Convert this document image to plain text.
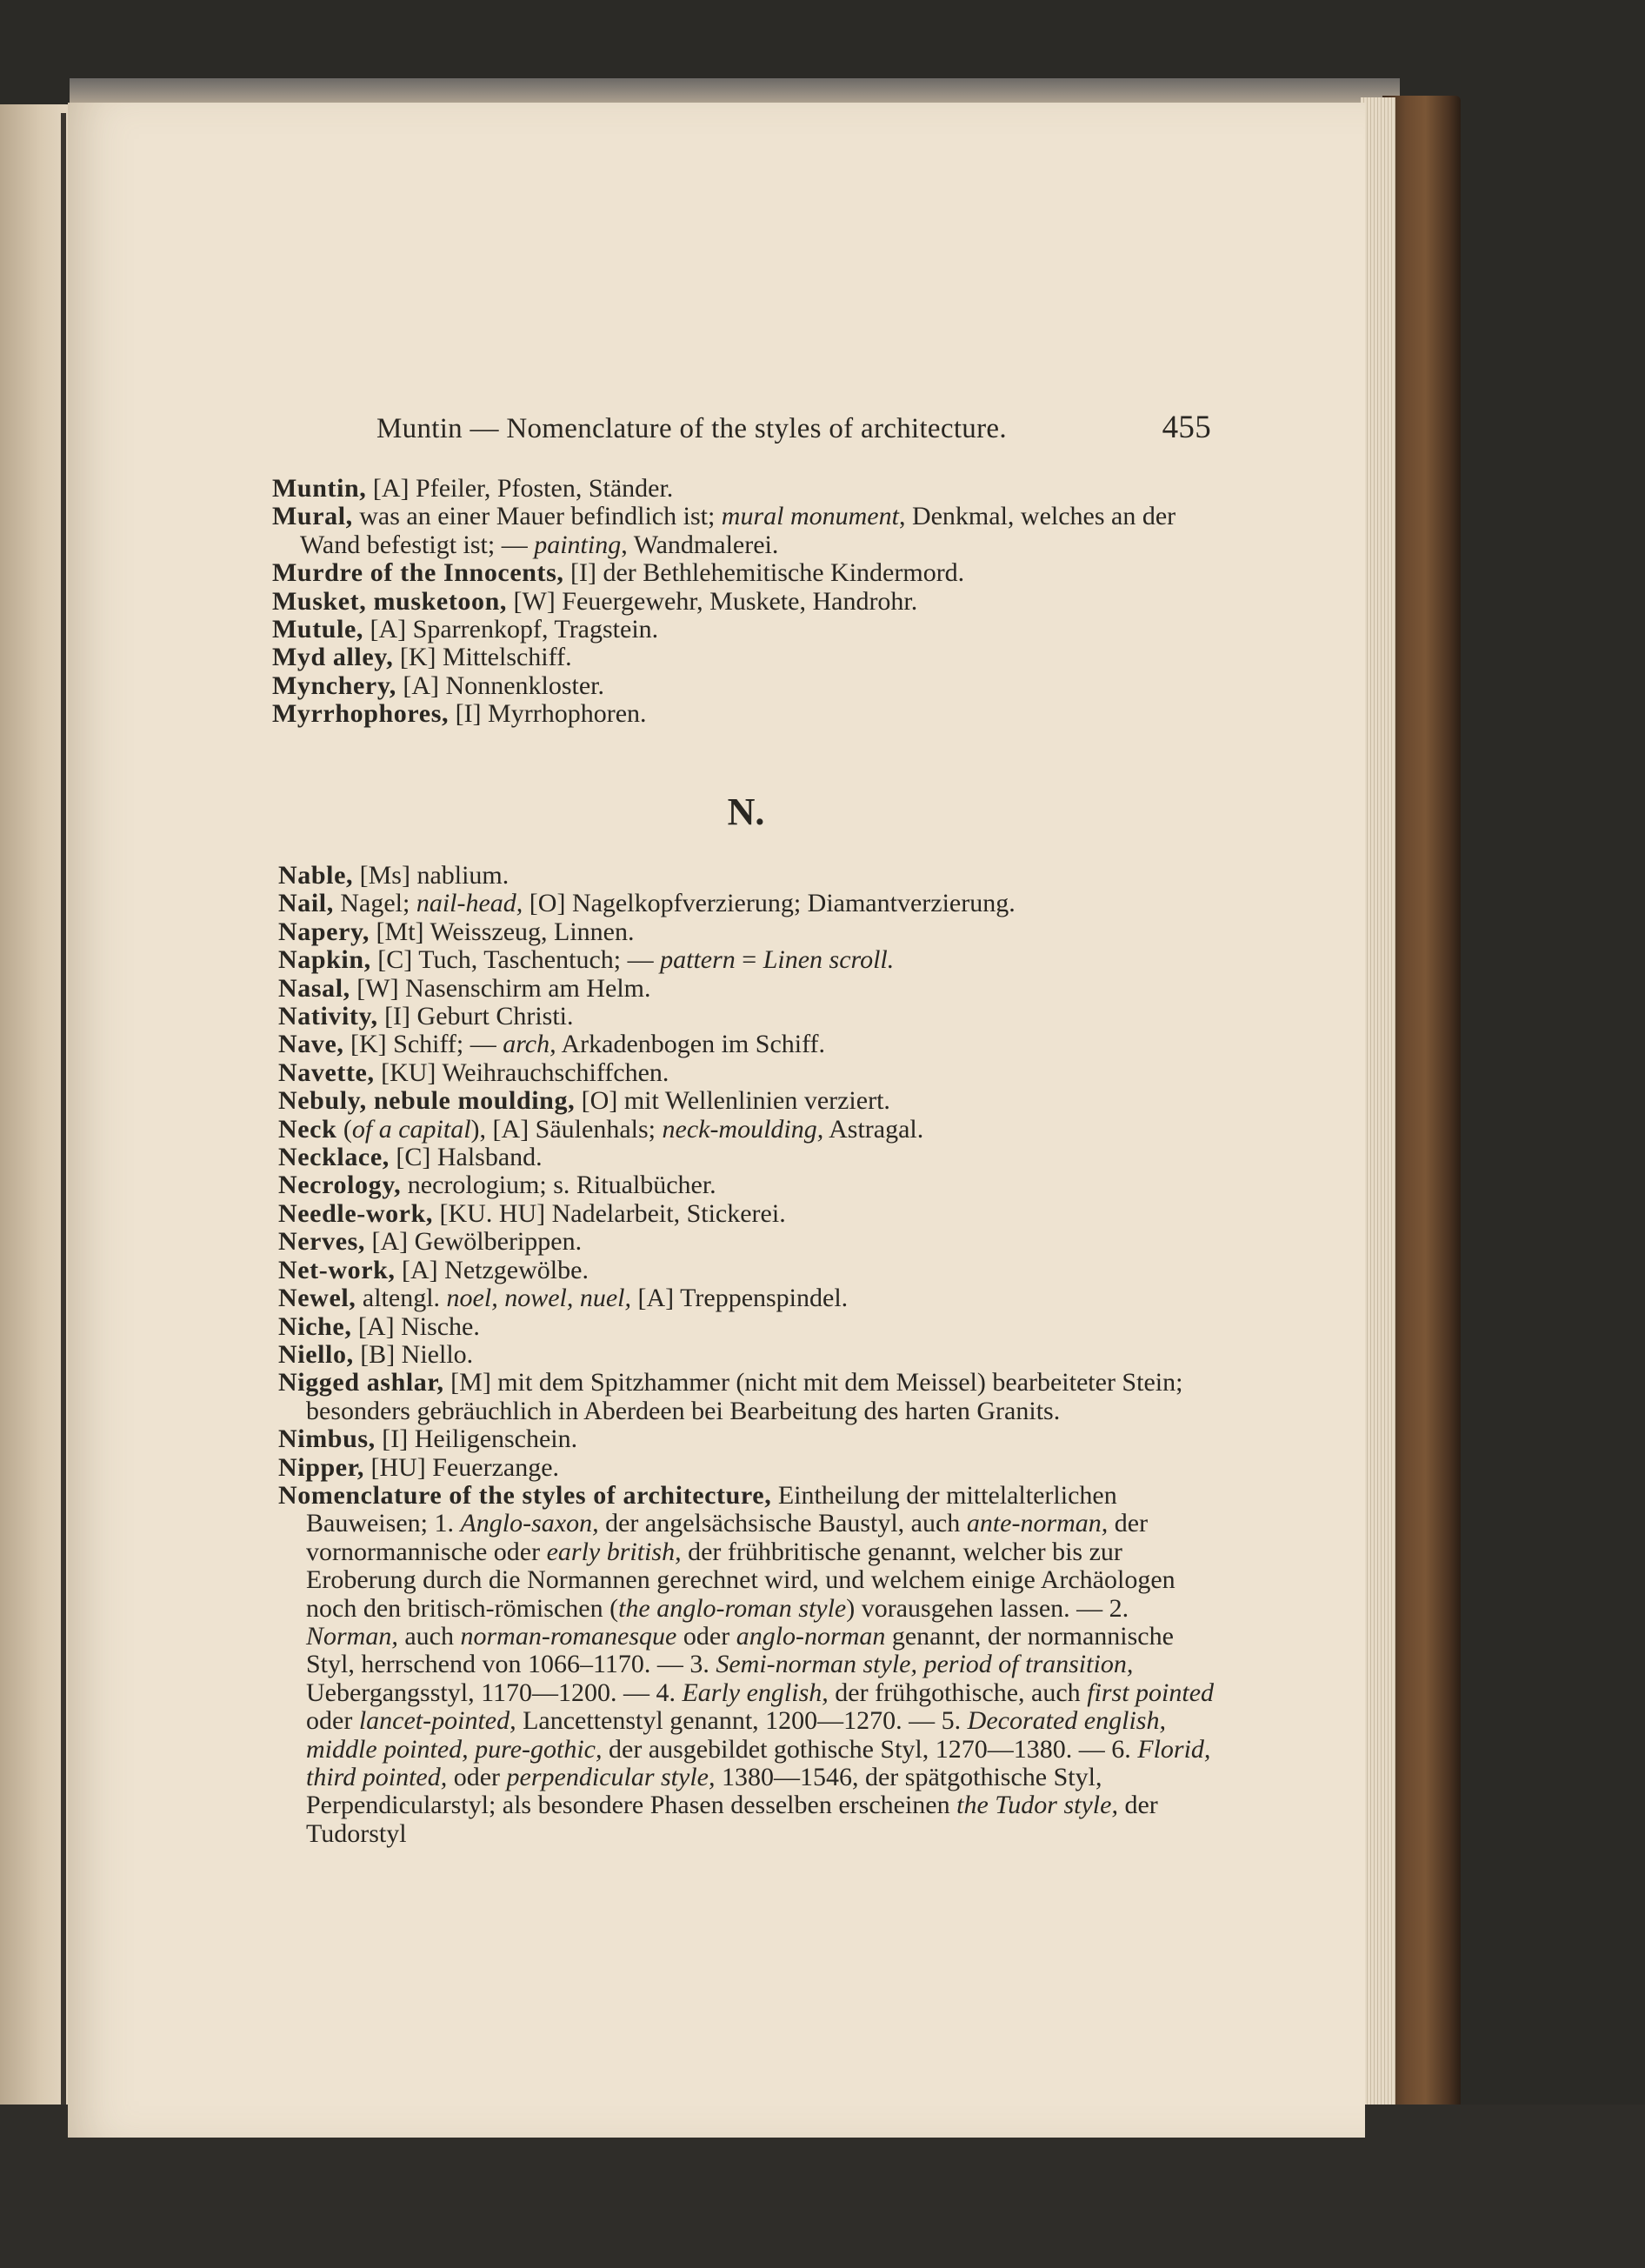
Muntin — Nomenclature of the styles of architecture.	455

Muntin, [A] Pfeiler, Pfosten, Ständer.

Mural, was an einer Mauer befindlich ist; mural monument, Denkmal, welches an der Wand befestigt ist; — painting, Wandmalerei.

Murdre of the Innocents, [I] der Bethlehemitische Kindermord.

Musket, musketoon, [W] Feuergewehr, Muskete, Handrohr.

Mutule, [A] Sparrenkopf, Tragstein.

Myd alley, [K] Mittelschiff.

Mynchery, [A] Nonnenkloster.

Myrrhophores, [I] Myrrhophoren.

N.

Nable, [Ms] nablium.

Nail, Nagel; nail-head, [O] Nagelkopfverzierung; Diamantverzierung.

Napery, [Mt] Weisszeug, Linnen.

Napkin, [C] Tuch, Taschentuch; — pattern = Linen scroll.

Nasal, [W] Nasenschirm am Helm.

Nativity, [I] Geburt Christi.

Nave, [K] Schiff; — arch, Arkadenbogen im Schiff.

Navette, [KU] Weihrauchschiffchen.

Nebuly, nebule moulding, [O] mit Wellenlinien verziert.

Neck (of a capital), [A] Säulenhals; neck-moulding, Astragal.

Necklace, [C] Halsband.

Necrology, necrologium; s. Ritualbücher.

Needle-work, [KU. HU] Nadelarbeit, Stickerei.

Nerves, [A] Gewölberippen.

Net-work, [A] Netzgewölbe.

Newel, altengl. noel, nowel, nuel, [A] Treppenspindel.

Niche, [A] Nische.

Niello, [B] Niello.

Nigged ashlar, [M] mit dem Spitzhammer (nicht mit dem Meissel) bearbeiteter Stein; besonders gebräuchlich in Aberdeen bei Bearbeitung des harten Granits.

Nimbus, [I] Heiligenschein.

Nipper, [HU] Feuerzange.

Nomenclature of the styles of architecture, Eintheilung der mittelalterlichen Bauweisen; 1. Anglo-saxon, der angelsächsische Baustyl, auch ante-norman, der vornormannische oder early british, der frühbritische genannt, welcher bis zur Eroberung durch die Normannen gerechnet wird, und welchem einige Archäologen noch den britisch-römischen (the anglo-roman style) vorausgehen lassen. — 2. Norman, auch norman-romanesque oder anglo-norman genannt, der normannische Styl, herrschend von 1066–1170. — 3. Semi-norman style, period of transition, Uebergangsstyl, 1170—1200. — 4. Early english, der frühgothische, auch first pointed oder lancet-pointed, Lancettenstyl genannt, 1200—1270. — 5. Decorated english, middle pointed, pure-gothic, der ausgebildet gothische Styl, 1270—1380. — 6. Florid, third pointed, oder perpendicular style, 1380—1546, der spätgothische Styl, Perpendicularstyl; als besondere Phasen desselben erscheinen the Tudor style, der Tudorstyl
